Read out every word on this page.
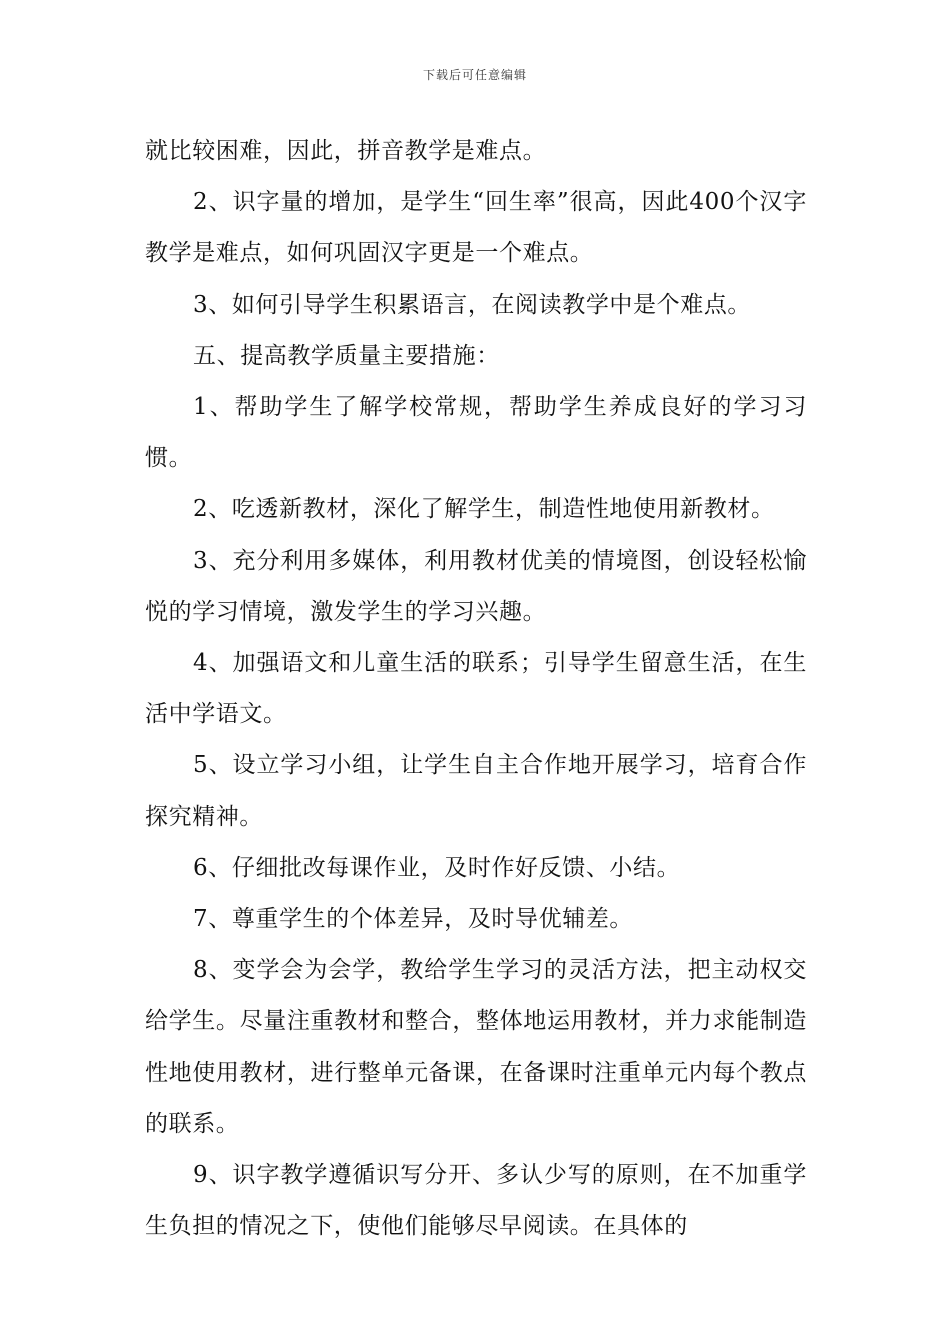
下载后可任意编辑

就比较困难，因此，拼音教学是难点。

2、识字量的增加，是学生“回生率”很高，因此400个汉字教学是难点，如何巩固汉字更是一个难点。

3、如何引导学生积累语言，在阅读教学中是个难点。

五、提高教学质量主要措施：

1、帮助学生了解学校常规，帮助学生养成良好的学习习惯。

2、吃透新教材，深化了解学生，制造性地使用新教材。

3、充分利用多媒体，利用教材优美的情境图，创设轻松愉悦的学习情境，激发学生的学习兴趣。

4、加强语文和儿童生活的联系；引导学生留意生活，在生活中学语文。

5、设立学习小组，让学生自主合作地开展学习，培育合作探究精神。

6、仔细批改每课作业，及时作好反馈、小结。

7、尊重学生的个体差异，及时导优辅差。

8、变学会为会学，教给学生学习的灵活方法，把主动权交给学生。尽量注重教材和整合，整体地运用教材，并力求能制造性地使用教材，进行整单元备课，在备课时注重单元内每个教点的联系。

9、识字教学遵循识写分开、多认少写的原则，在不加重学生负担的情况之下，使他们能够尽早阅读。在具体的
